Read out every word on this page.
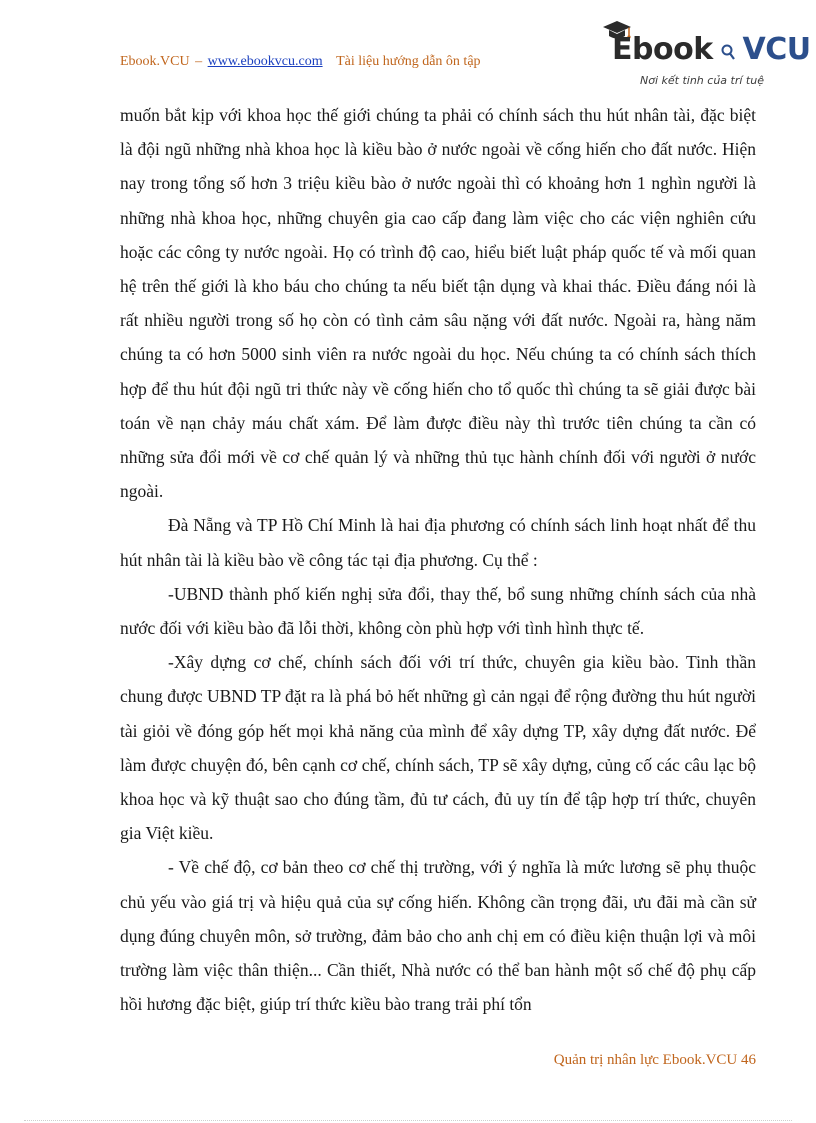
Ebook.VCU – www.ebookvcu.com Tài liệu hướng dẫn ôn tập	Ebook VCU
Nơi kết tinh của trí tuệ

muốn bắt kịp với khoa học thế giới chúng ta phải có chính sách thu hút nhân tài, đặc biệt là đội ngũ những nhà khoa học là kiều bào ở nước ngoài về cống hiến cho đất nước. Hiện nay trong tổng số hơn 3 triệu kiều bào ở nước ngoài thì có khoảng hơn 1 nghìn người là những nhà khoa học, những chuyên gia cao cấp đang làm việc cho các viện nghiên cứu hoặc các công ty nước ngoài. Họ có trình độ cao, hiểu biết luật pháp quốc tế và mối quan hệ trên thế giới là kho báu cho chúng ta nếu biết tận dụng và khai thác. Điều đáng nói là rất nhiều người trong số họ còn có tình cảm sâu nặng với đất nước. Ngoài ra, hàng năm chúng ta có hơn 5000 sinh viên ra nước ngoài du học. Nếu chúng ta có chính sách thích hợp để thu hút đội ngũ tri thức này về cống hiến cho tổ quốc thì chúng ta sẽ giải được bài toán về nạn chảy máu chất xám. Để làm được điều này thì trước tiên chúng ta cần có những sửa đổi mới về cơ chế quản lý và những thủ tục hành chính đối với người ở nước ngoài.

Đà Nẵng và TP Hồ Chí Minh là hai địa phương có chính sách linh hoạt nhất để thu hút nhân tài là kiều bào về công tác tại địa phương. Cụ thể :

-UBND thành phố kiến nghị sửa đổi, thay thế, bổ sung những chính sách của nhà nước đối với kiều bào đã lỗi thời, không còn phù hợp với tình hình thực tế.

-Xây dựng cơ chế, chính sách đối với trí thức, chuyên gia kiều bào. Tinh thần chung được UBND TP đặt ra là phá bỏ hết những gì cản ngại để rộng đường thu hút người tài giỏi về đóng góp hết mọi khả năng của mình để xây dựng TP, xây dựng đất nước. Để làm được chuyện đó, bên cạnh cơ chế, chính sách, TP sẽ xây dựng, củng cố các câu lạc bộ khoa học và kỹ thuật sao cho đúng tầm, đủ tư cách, đủ uy tín để tập hợp trí thức, chuyên gia Việt kiều.

- Về chế độ, cơ bản theo cơ chế thị trường, với ý nghĩa là mức lương sẽ phụ thuộc chủ yếu vào giá trị và hiệu quả của sự cống hiến. Không cần trọng đãi, ưu đãi mà cần sử dụng đúng chuyên môn, sở trường, đảm bảo cho anh chị em có điều kiện thuận lợi và môi trường làm việc thân thiện... Cần thiết, Nhà nước có thể ban hành một số chế độ phụ cấp hồi hương đặc biệt, giúp trí thức kiều bào trang trải phí tổn

Quản trị nhân lực Ebook.VCU 46
